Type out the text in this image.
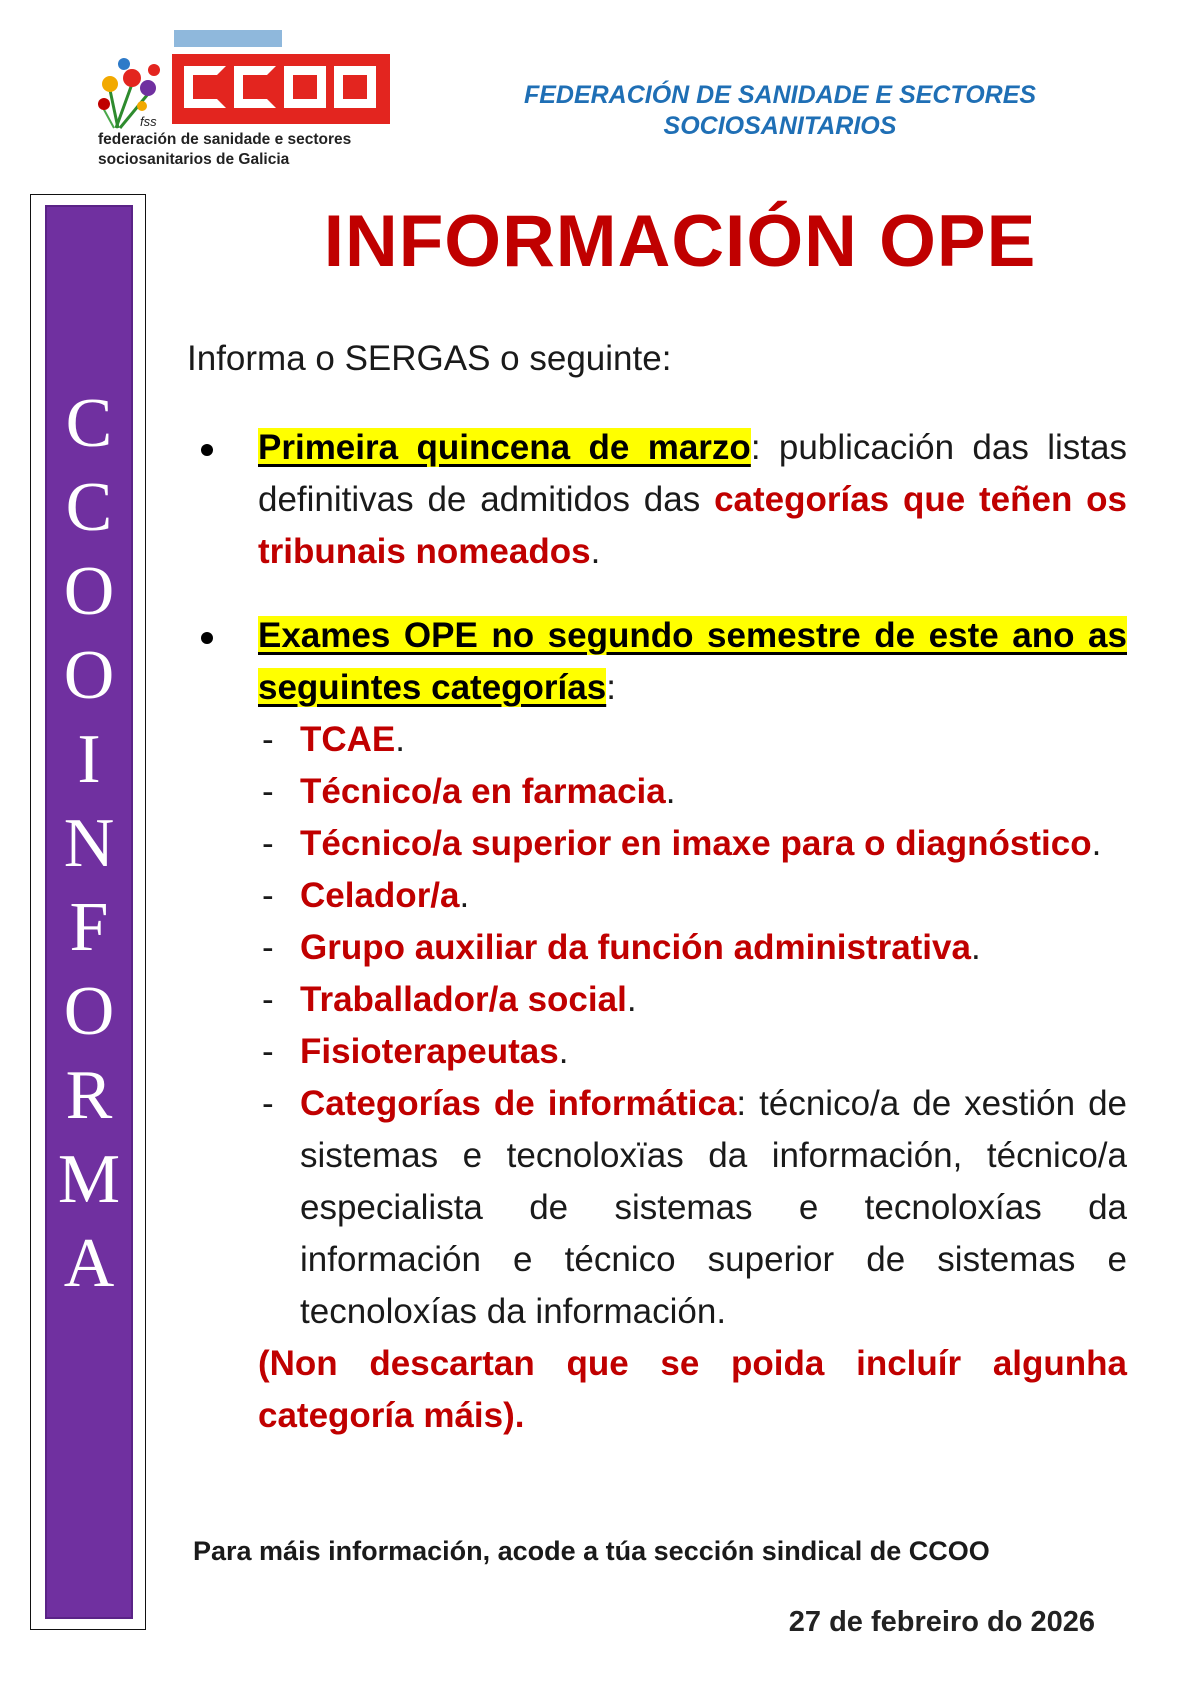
fss
federación de sanidade e sectores
sociosanitarios de Galicia
FEDERACIÓN DE SANIDADE E SECTORES
SOCIOSANITARIOS
C
C
O
O
I
N
F
O
R
M
A
INFORMACIÓN OPE
Informa o SERGAS o seguinte:
Primeira quincena de marzo: publicación das listas definitivas de admitidos das categorías que teñen os tribunais nomeados.
Exames OPE no segundo semestre de este ano as seguintes categorías:
- TCAE.
- Técnico/a en farmacia.
- Técnico/a superior en imaxe para o diagnóstico.
- Celador/a.
- Grupo auxiliar da función administrativa.
- Traballador/a social.
- Fisioterapeutas.
- Categorías de informática: técnico/a de xestión de sistemas e tecnoloxïas da información, técnico/a especialista de sistemas e tecnoloxías da información e técnico superior de sistemas e tecnoloxías da información.
(Non descartan que se poida incluír algunha categoría máis).
Para máis información, acode a túa sección sindical de CCOO
27 de febreiro do 2026
